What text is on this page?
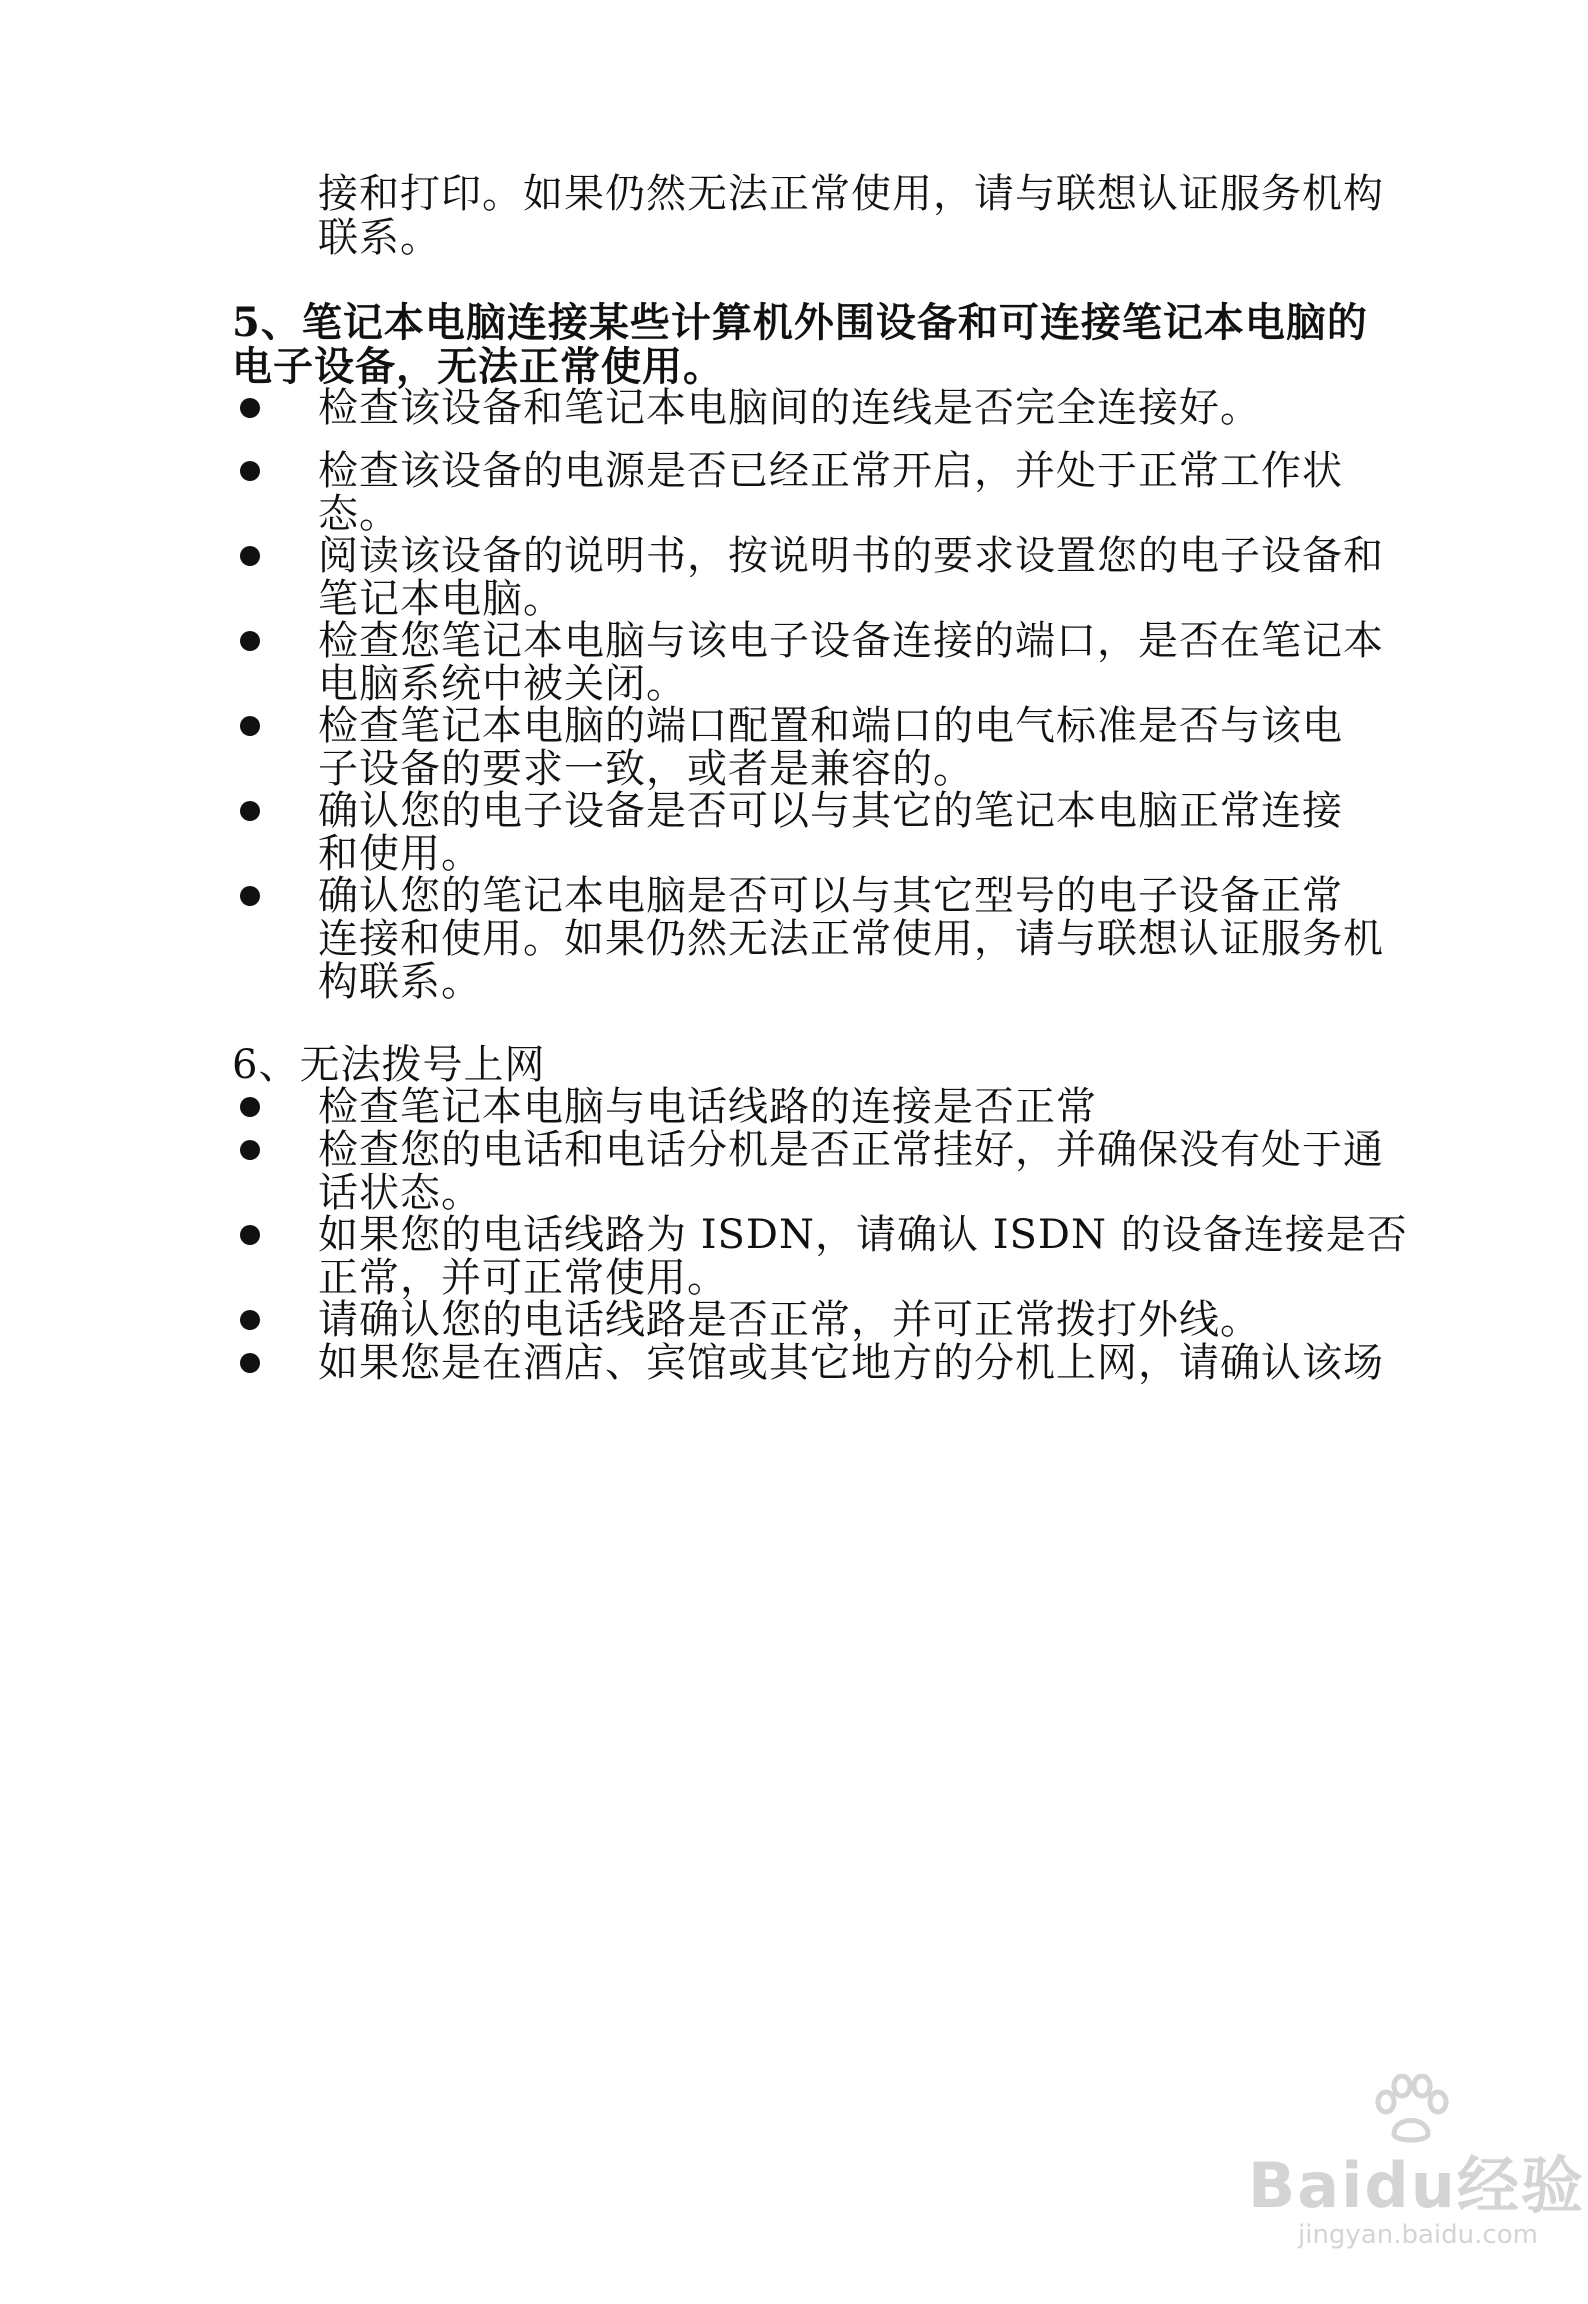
接和打印。如果仍然无法正常使用，请与联想认证服务机构
联系。
5、笔记本电脑连接某些计算机外围设备和可连接笔记本电脑的
电子设备，无法正常使用。
检查该设备和笔记本电脑间的连线是否完全连接好。
检查该设备的电源是否已经正常开启，并处于正常工作状
态。
阅读该设备的说明书，按说明书的要求设置您的电子设备和
笔记本电脑。
检查您笔记本电脑与该电子设备连接的端口，是否在笔记本
电脑系统中被关闭。
检查笔记本电脑的端口配置和端口的电气标准是否与该电
子设备的要求一致，或者是兼容的。
确认您的电子设备是否可以与其它的笔记本电脑正常连接
和使用。
确认您的笔记本电脑是否可以与其它型号的电子设备正常
连接和使用。如果仍然无法正常使用，请与联想认证服务机
构联系。
6、无法拨号上网
检查笔记本电脑与电话线路的连接是否正常
检查您的电话和电话分机是否正常挂好，并确保没有处于通
话状态。
如果您的电话线路为 ISDN，请确认 ISDN 的设备连接是否
正常，并可正常使用。
请确认您的电话线路是否正常，并可正常拨打外线。
如果您是在酒店、宾馆或其它地方的分机上网，请确认该场
Baidu经验
jingyan.baidu.com
